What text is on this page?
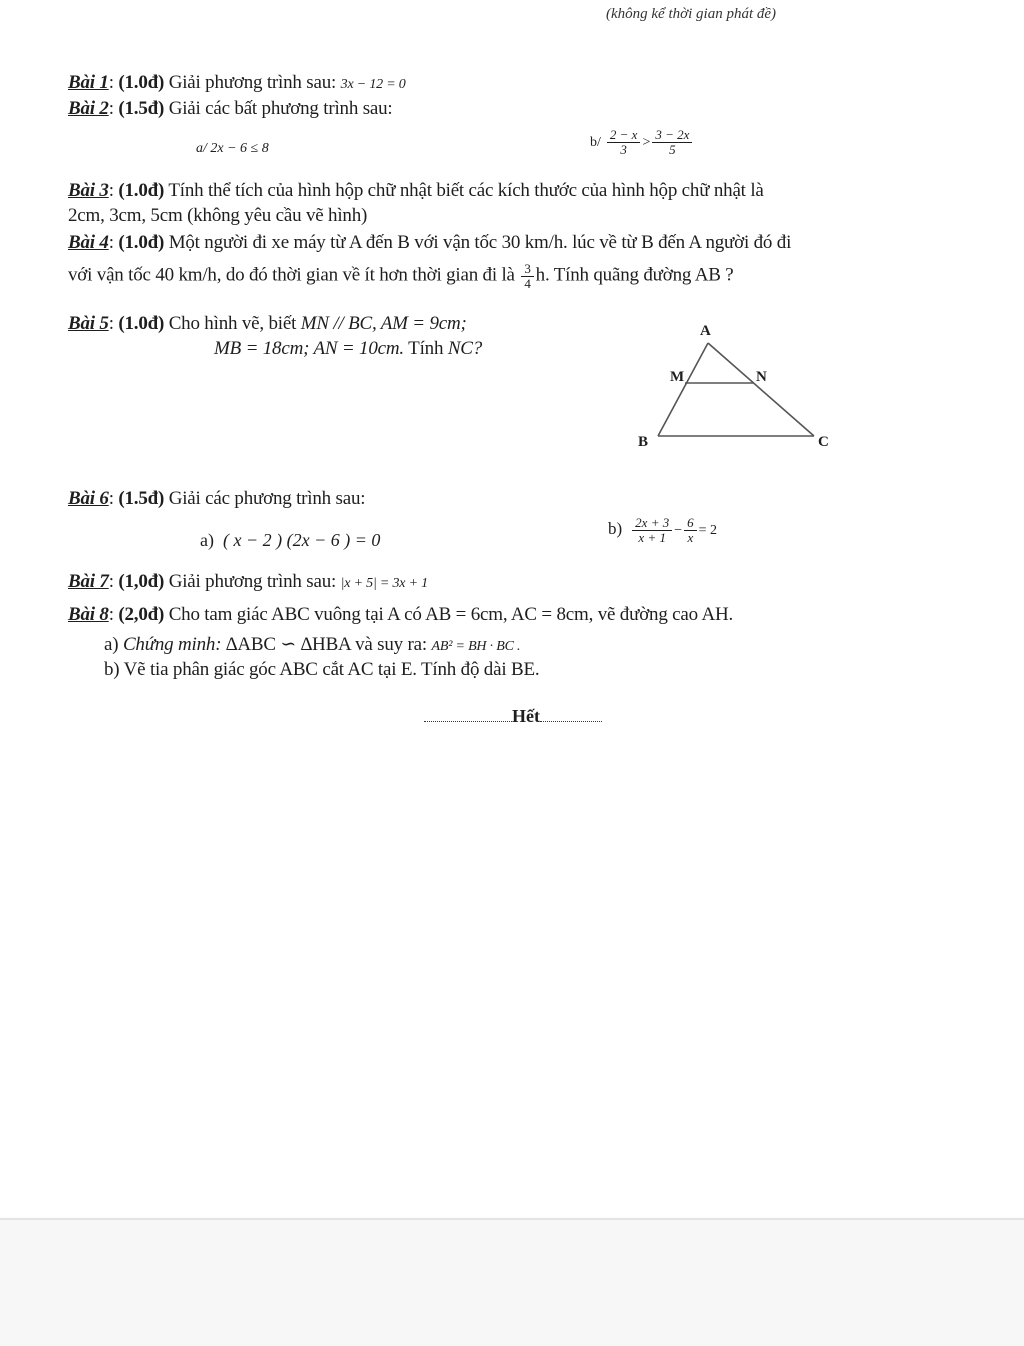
(không kể thời gian phát đề)
Bài 1: (1.0đ) Giải phương trình sau: 3x − 12 = 0
Bài 2: (1.5đ) Giải các bất phương trình sau:
a/ 2x − 6 ≤ 8	$b/ \frac{2 - x}{3} > \frac{3 - 2x}{5}$
Bài 3: (1.0đ) Tính thể tích của hình hộp chữ nhật biết các kích thước của hình hộp chữ nhật là
2cm, 3cm, 5cm (không yêu cầu vẽ hình)
Bài 4: (1.0đ) Một người đi xe máy từ A đến B với vận tốc 30 km/h. lúc về từ B đến A người đó đi
với vận tốc 40 km/h, do đó thời gian về ít hơn thời gian đi là $\frac{3}{4} h$. Tính quãng đường AB ?
Bài 5: (1.0đ) Cho hình vẽ, biết MN // BC, AM = 9cm;
MB = 18cm; AN = 10cm. Tính NC?
A
M	N
B	C
Bài 6: (1.5đ) Giải các phương trình sau:
a) ( x − 2 ) (2x − 6 ) = 0
$b) \frac{2x + 3}{x + 1} - \frac{6}{x} = 2$
Bài 7: (1,0đ) Giải phương trình sau: |x + 5| = 3x + 1
Bài 8: (2,0đ) Cho tam giác ABC vuông tại A có AB = 6cm, AC = 8cm, vẽ đường cao AH.
a) Chứng minh: ∆ABC ∽ ∆HBA và suy ra: AB² = BH · BC .
b) Vẽ tia phân giác góc ABC cắt AC tại E. Tính độ dài BE.
Hết
